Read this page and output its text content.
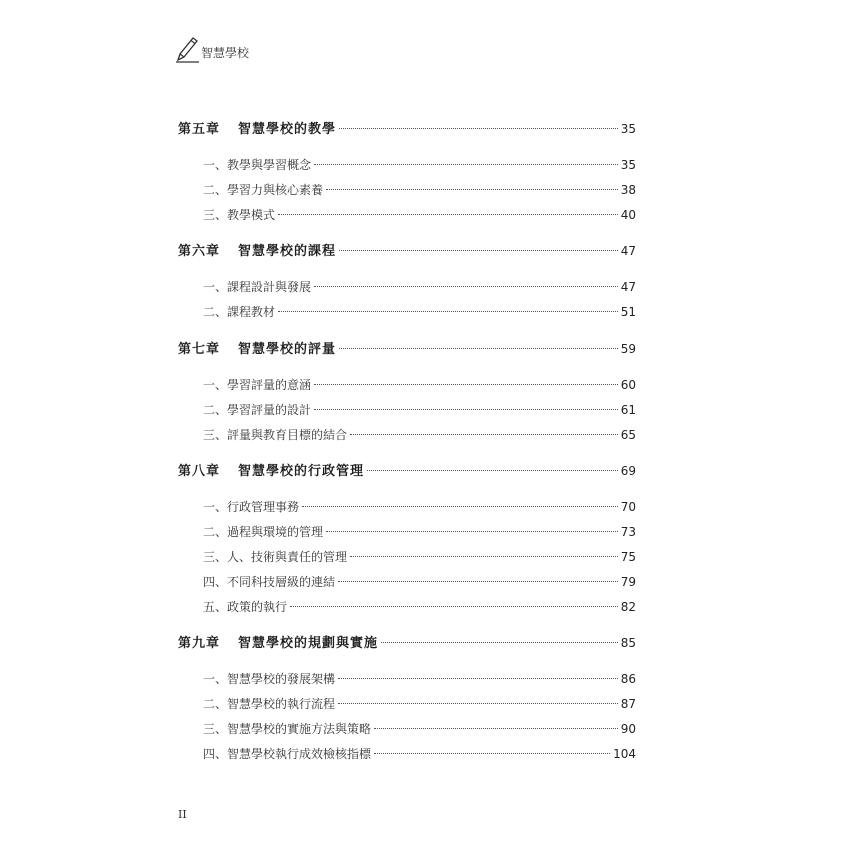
智慧學校
第五章 智慧學校的教學	35
一、教學與學習概念	35
二、學習力與核心素養	38
三、教學模式	40
第六章 智慧學校的課程	47
一、課程設計與發展	47
二、課程教材	51
第七章 智慧學校的評量	59
一、學習評量的意涵	60
二、學習評量的設計	61
三、評量與教育目標的結合	65
第八章 智慧學校的行政管理	69
一、行政管理事務	70
二、過程與環境的管理	73
三、人、技術與責任的管理	75
四、不同科技層級的連結	79
五、政策的執行	82
第九章 智慧學校的規劃與實施	85
一、智慧學校的發展架構	86
二、智慧學校的執行流程	87
三、智慧學校的實施方法與策略	90
四、智慧學校執行成效檢核指標	104
II
